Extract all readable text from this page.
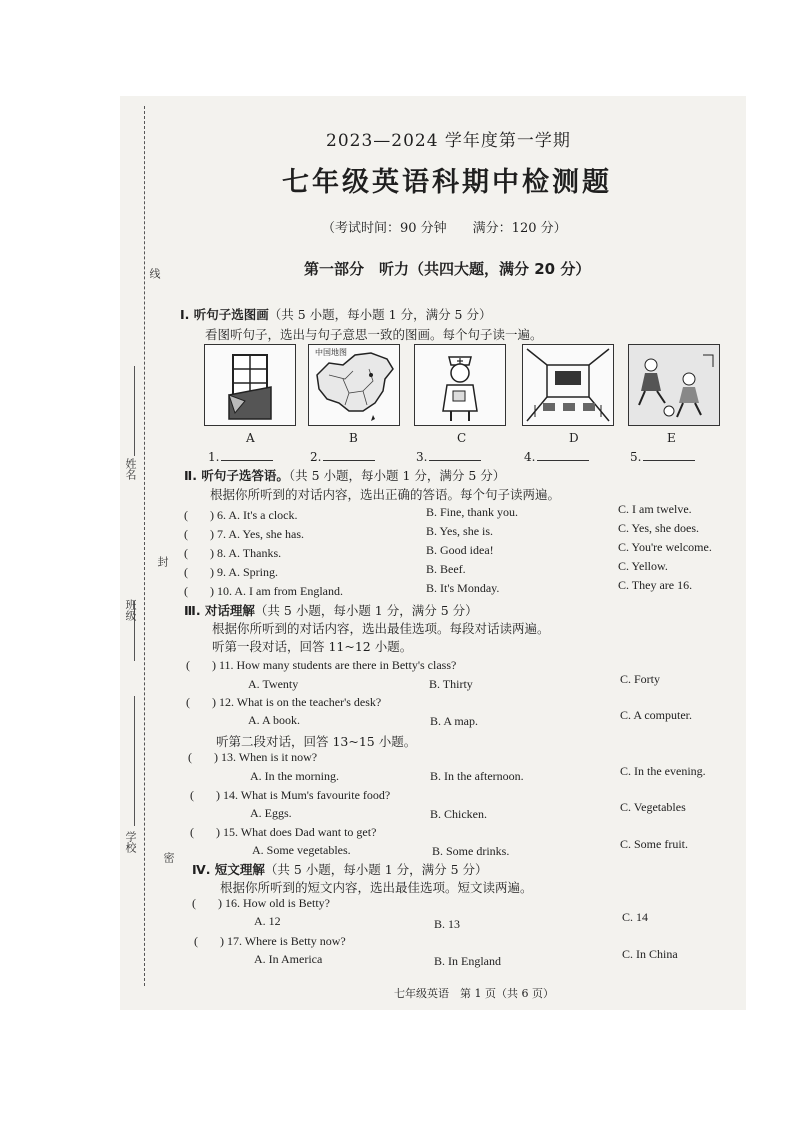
线
姓名
封
班级
学校
密
2023—2024 学年度第一学期
七年级英语科期中检测题
（考试时间：90 分钟　　满分：120 分）
第一部分　听力（共四大题，满分 20 分）
Ⅰ. 听句子选图画（共 5 小题，每小题 1 分，满分 5 分）
看图听句子，选出与句子意思一致的图画。每个句子读一遍。
中国地图
A	B	C	D	E
1.	2.	3.	4.	5.
Ⅱ. 听句子选答语。（共 5 小题，每小题 1 分，满分 5 分）
根据你所听到的对话内容，选出正确的答语。每个句子读两遍。
( ) 6. A. It's a clock.	B. Fine, thank you.	C. I am twelve.
( ) 7. A. Yes, she has.	B. Yes, she is.	C. Yes, she does.
( ) 8. A. Thanks.	B. Good idea!	C. You're welcome.
( ) 9. A. Spring.	B. Beef.	C. Yellow.
( ) 10. A. I am from England.	B. It's Monday.	C. They are 16.
Ⅲ. 对话理解（共 5 小题，每小题 1 分，满分 5 分）
根据你所听到的对话内容，选出最佳选项。每段对话读两遍。
听第一段对话，回答 11~12 小题。
( ) 11. How many students are there in Betty's class?
A. Twenty	B. Thirty	C. Forty
( ) 12. What is on the teacher's desk?
A. A book.	B. A map.	C. A computer.
听第二段对话，回答 13~15 小题。
( ) 13. When is it now?
A. In the morning.	B. In the afternoon.	C. In the evening.
( ) 14. What is Mum's favourite food?
A. Eggs.	B. Chicken.	C. Vegetables
( ) 15. What does Dad want to get?
A. Some vegetables.	B. Some drinks.	C. Some fruit.
Ⅳ. 短文理解（共 5 小题，每小题 1 分，满分 5 分）
根据你所听到的短文内容，选出最佳选项。短文读两遍。
( ) 16. How old is Betty?
A. 12	B. 13	C. 14
( ) 17. Where is Betty now?
A. In America	B. In England	C. In China
七年级英语　第 1 页（共 6 页）
